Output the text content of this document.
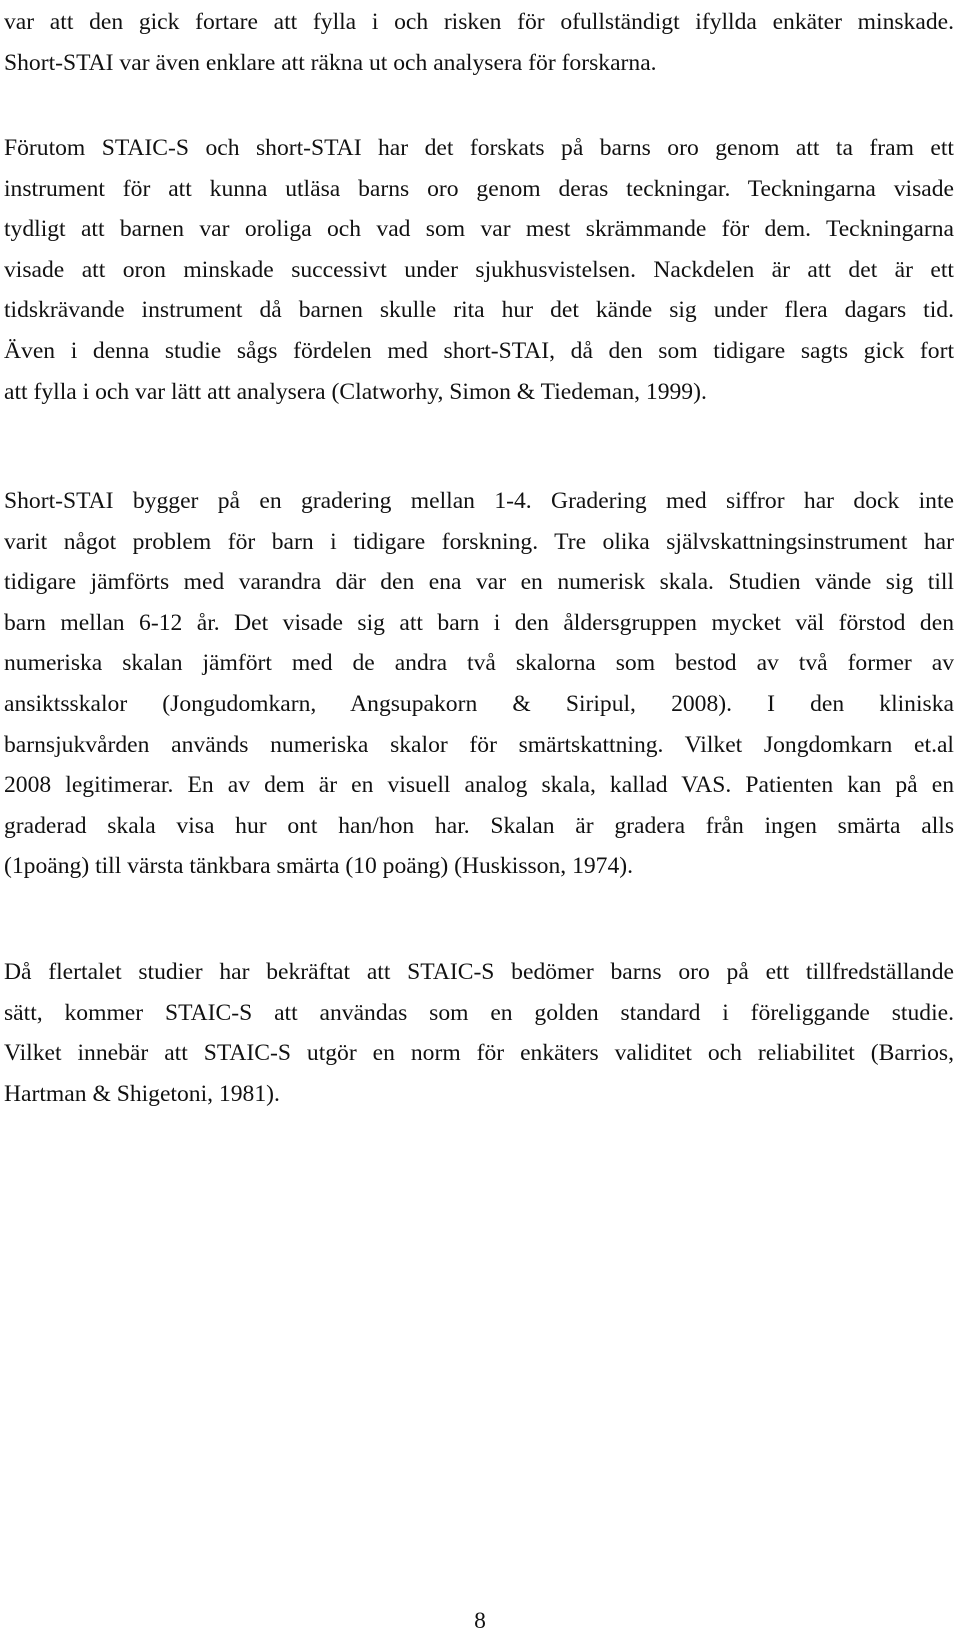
var att den gick fortare att fylla i och risken för ofullständigt ifyllda enkäter minskade.
Short-STAI var även enklare att räkna ut och analysera för forskarna.
Förutom STAIC-S och short-STAI har det forskats på barns oro genom att ta fram ett
instrument för att kunna utläsa barns oro genom deras teckningar. Teckningarna visade
tydligt att barnen var oroliga och vad som var mest skrämmande för dem. Teckningarna
visade att oron minskade successivt under sjukhusvistelsen. Nackdelen är att det är ett
tidskrävande instrument då barnen skulle rita hur det kände sig under flera dagars tid.
Även i denna studie sågs fördelen med short-STAI, då den som tidigare sagts gick fort
att fylla i och var lätt att analysera (Clatworhy, Simon & Tiedeman, 1999).
Short-STAI bygger på en gradering mellan 1-4. Gradering med siffror har dock inte
varit något problem för barn i tidigare forskning. Tre olika självskattningsinstrument har
tidigare jämförts med varandra där den ena var en numerisk skala. Studien vände sig till
barn mellan 6-12 år. Det visade sig att barn i den åldersgruppen mycket väl förstod den
numeriska skalan jämfört med de andra två skalorna som bestod av två former av
ansiktsskalor (Jongudomkarn, Angsupakorn & Siripul, 2008). I den kliniska
barnsjukvården används numeriska skalor för smärtskattning. Vilket Jongdomkarn et.al
2008 legitimerar. En av dem är en visuell analog skala, kallad VAS. Patienten kan på en
graderad skala visa hur ont han/hon har. Skalan är gradera från ingen smärta alls
(1poäng) till värsta tänkbara smärta (10 poäng) (Huskisson, 1974).
Då flertalet studier har bekräftat att STAIC-S bedömer barns oro på ett tillfredställande
sätt, kommer STAIC-S att användas som en golden standard i föreliggande studie.
Vilket innebär att STAIC-S utgör en norm för enkäters validitet och reliabilitet (Barrios,
Hartman & Shigetoni, 1981).
8
